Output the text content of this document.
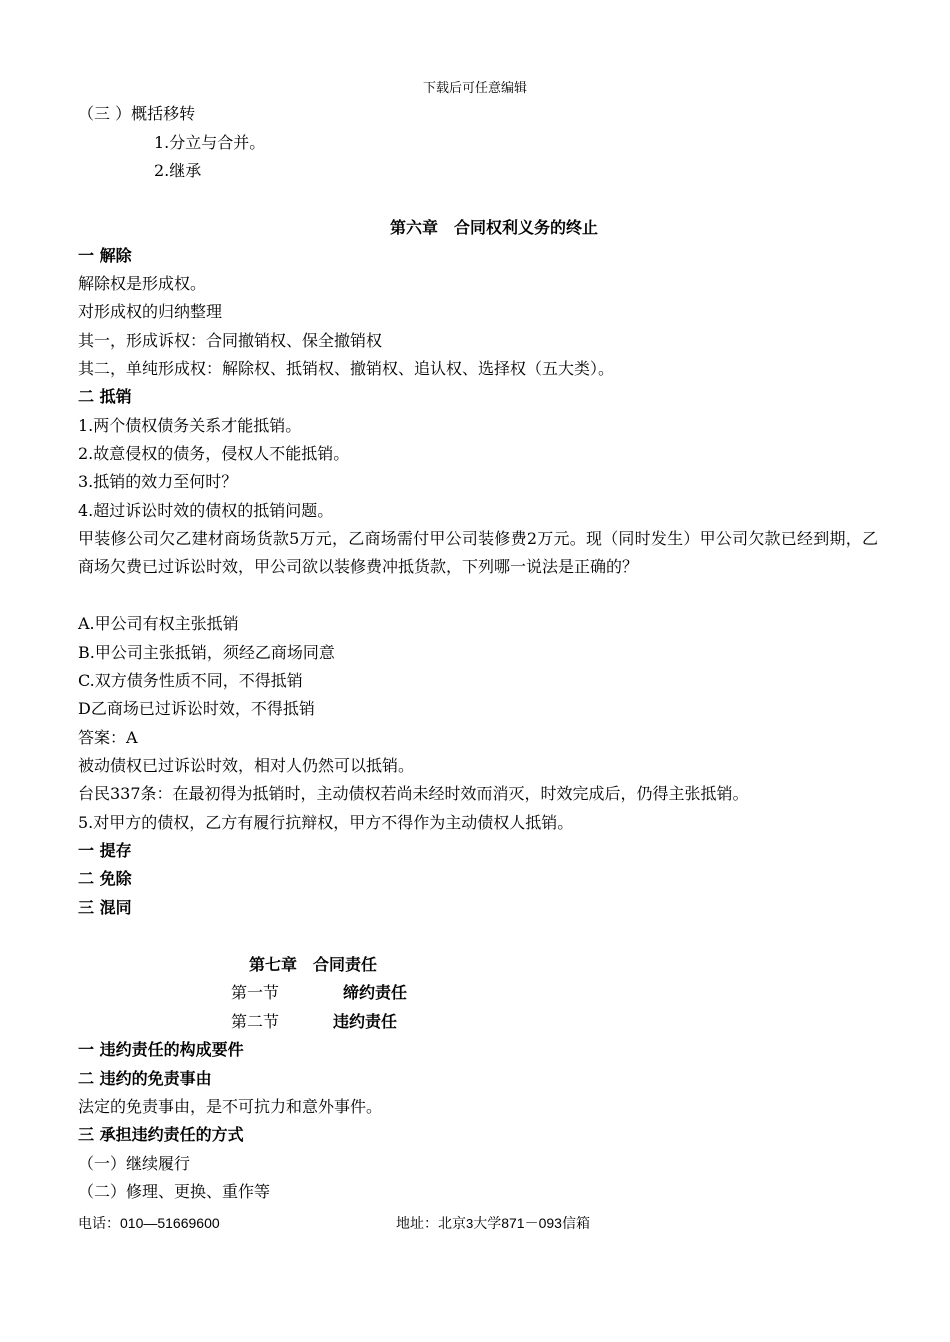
下载后可任意编辑
（三 ）概括移转
1.分立与合并。
2.继承
第六章　合同权利义务的终止
一 解除
解除权是形成权。
对形成权的归纳整理
其一，形成诉权：合同撤销权、保全撤销权
其二，单纯形成权：解除权、抵销权、撤销权、追认权、选择权（五大类）。
二 抵销
1.两个债权债务关系才能抵销。
2.故意侵权的债务，侵权人不能抵销。
3.抵销的效力至何时？
4.超过诉讼时效的债权的抵销问题。
甲装修公司欠乙建材商场货款5万元，乙商场需付甲公司装修费2万元。现（同时发生）甲公司欠款已经到期，乙商场欠费已过诉讼时效，甲公司欲以装修费冲抵货款，下列哪一说法是正确的？
A.甲公司有权主张抵销
B.甲公司主张抵销，须经乙商场同意
C.双方债务性质不同，不得抵销
D乙商场已过诉讼时效，不得抵销
答案：A
被动债权已过诉讼时效，相对人仍然可以抵销。
台民337条：在最初得为抵销时，主动债权若尚未经时效而消灭，时效完成后，仍得主张抵销。
5.对甲方的债权，乙方有履行抗辩权，甲方不得作为主动债权人抵销。
一 提存
二 免除
三 混同
第七章　合同责任
第一节	缔约责任
第二节	违约责任
一 违约责任的构成要件
二 违约的免责事由
法定的免责事由，是不可抗力和意外事件。
三 承担违约责任的方式
（一）继续履行
（二）修理、更换、重作等
电话：010—51669600	地址：北京3大学871－093信箱
